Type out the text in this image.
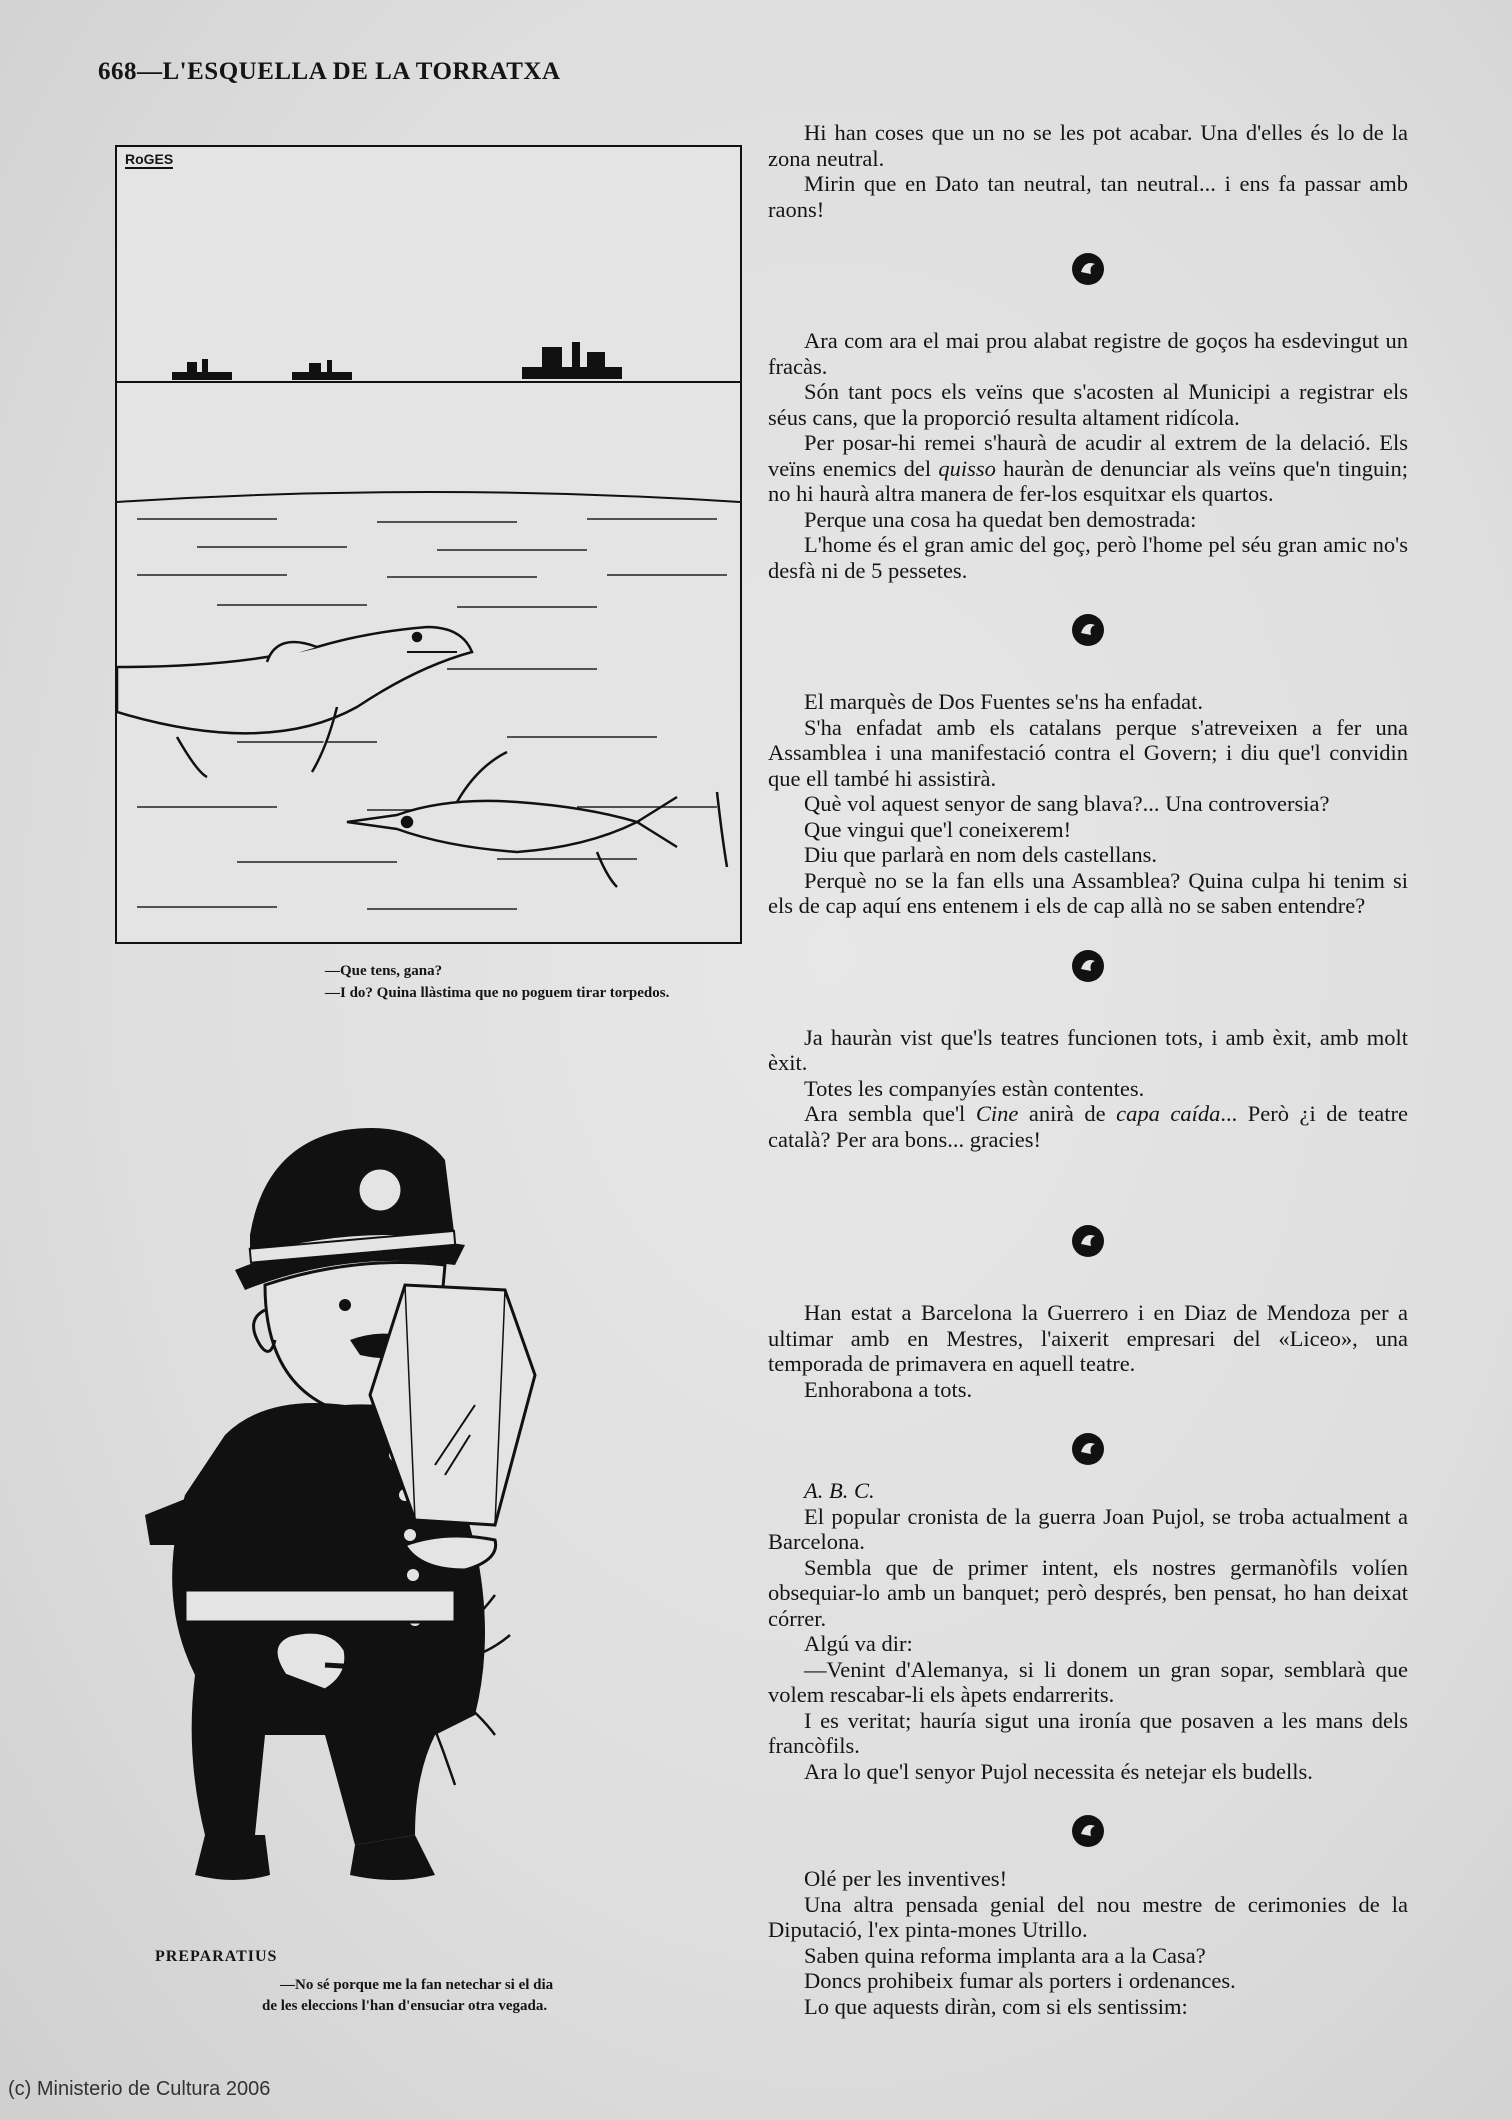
668—L'ESQUELLA DE LA TORRATXA
RoGES
—Que tens, gana?
—I do? Quina llàstima que no poguem tirar torpedos.
PREPARATIUS
—No sé porque me la fan netechar si el dia
de les eleccions l'han d'ensuciar otra vegada.

Hi han coses que un no se les pot acabar. Una d'elles és lo de la zona neutral.

Mirin que en Dato tan neutral, tan neutral... i ens fa passar amb raons!

Ara com ara el mai prou alabat registre de goços ha esdevingut un fracàs.

Són tant pocs els veïns que s'acosten al Municipi a registrar els séus cans, que la proporció resulta altament ridícola.

Per posar-hi remei s'haurà de acudir al extrem de la delació. Els veïns enemics del quisso hauràn de denunciar als veïns que'n tinguin; no hi haurà altra manera de fer-los esquitxar els quartos.

Perque una cosa ha quedat ben demostrada:

L'home és el gran amic del goç, però l'home pel séu gran amic no's desfà ni de 5 pessetes.

El marquès de Dos Fuentes se'ns ha enfadat.

S'ha enfadat amb els catalans perque s'atreveixen a fer una Assamblea i una manifestació contra el Govern; i diu que'l convidin que ell també hi assistirà.

Què vol aquest senyor de sang blava?... Una controversia?

Que vingui que'l coneixerem!

Diu que parlarà en nom dels castellans.

Perquè no se la fan ells una Assamblea? Quina culpa hi tenim si els de cap aquí ens entenem i els de cap allà no se saben entendre?

Ja hauràn vist que'ls teatres funcionen tots, i amb èxit, amb molt èxit.

Totes les companyíes estàn contentes.

Ara sembla que'l Cine anirà de capa caída... Però ¿i de teatre català? Per ara bons... gracies!

Han estat a Barcelona la Guerrero i en Diaz de Mendoza per a ultimar amb en Mestres, l'aixerit empresari del «Liceo», una temporada de primavera en aquell teatre.

Enhorabona a tots.

A. B. C.

El popular cronista de la guerra Joan Pujol, se troba actualment a Barcelona.

Sembla que de primer intent, els nostres germanòfils volíen obsequiar-lo amb un banquet; però després, ben pensat, ho han deixat córrer.

Algú va dir:

—Venint d'Alemanya, si li donem un gran sopar, semblarà que volem rescabar-li els àpets endarrerits.

I es veritat; hauría sigut una ironía que posaven a les mans dels francòfils.

Ara lo que'l senyor Pujol necessita és netejar els budells.

Olé per les inventives!

Una altra pensada genial del nou mestre de cerimonies de la Diputació, l'ex pinta-mones Utrillo.

Saben quina reforma implanta ara a la Casa?

Doncs prohibeix fumar als porters i ordenances.

Lo que aquests diràn, com si els sentissim:

(c) Ministerio de Cultura 2006
